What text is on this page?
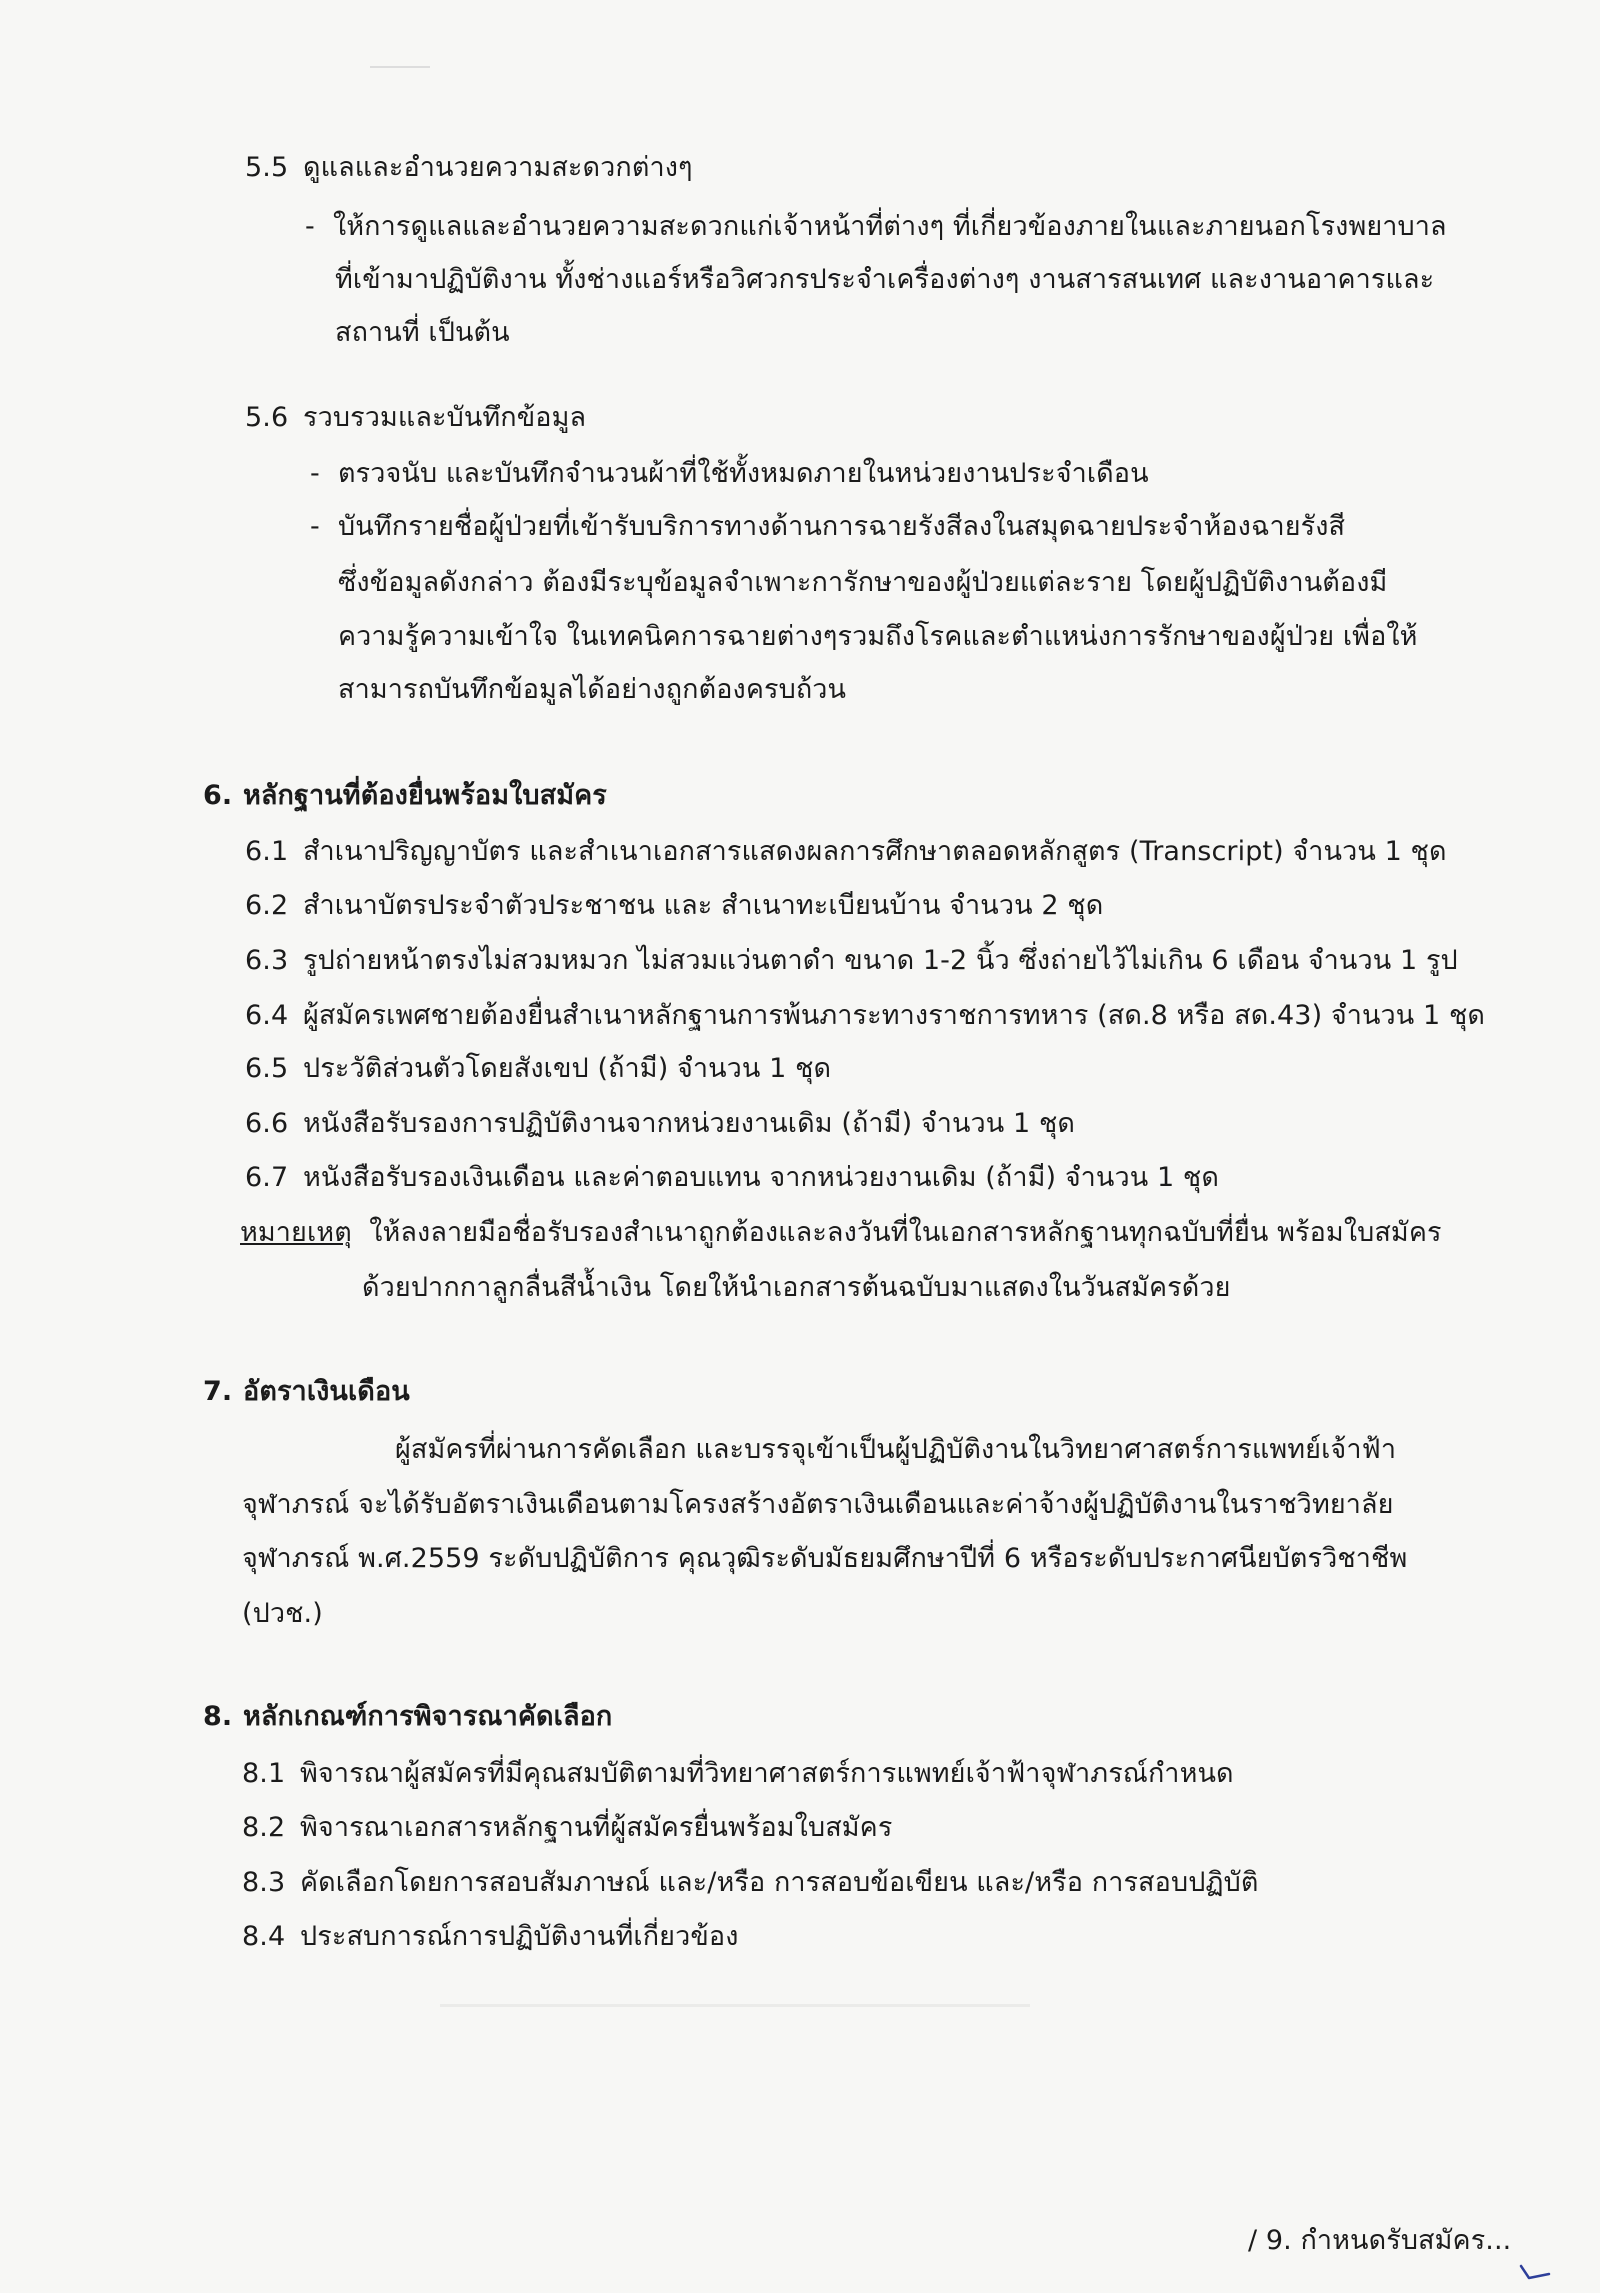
5.5 ดูแลและอำนวยความสะดวกต่างๆ
- ให้การดูแลและอำนวยความสะดวกแก่เจ้าหน้าที่ต่างๆ ที่เกี่ยวข้องภายในและภายนอกโรงพยาบาล
ที่เข้ามาปฏิบัติงาน ทั้งช่างแอร์หรือวิศวกรประจำเครื่องต่างๆ งานสารสนเทศ และงานอาคารและ
สถานที่ เป็นต้น
5.6 รวบรวมและบันทึกข้อมูล
- ตรวจนับ และบันทึกจำนวนผ้าที่ใช้ทั้งหมดภายในหน่วยงานประจำเดือน
- บันทึกรายชื่อผู้ป่วยที่เข้ารับบริการทางด้านการฉายรังสีลงในสมุดฉายประจำห้องฉายรังสี
ซึ่งข้อมูลดังกล่าว ต้องมีระบุข้อมูลจำเพาะการักษาของผู้ป่วยแต่ละราย โดยผู้ปฏิบัติงานต้องมี
ความรู้ความเข้าใจ ในเทคนิคการฉายต่างๆรวมถึงโรคและตำแหน่งการรักษาของผู้ป่วย เพื่อให้
สามารถบันทึกข้อมูลได้อย่างถูกต้องครบถ้วน
6. หลักฐานที่ต้องยื่นพร้อมใบสมัคร
6.1 สำเนาปริญญาบัตร และสำเนาเอกสารแสดงผลการศึกษาตลอดหลักสูตร (Transcript) จำนวน 1 ชุด
6.2 สำเนาบัตรประจำตัวประชาชน และ สำเนาทะเบียนบ้าน จำนวน 2 ชุด
6.3 รูปถ่ายหน้าตรงไม่สวมหมวก ไม่สวมแว่นตาดำ ขนาด 1-2 นิ้ว ซึ่งถ่ายไว้ไม่เกิน 6 เดือน จำนวน 1 รูป
6.4 ผู้สมัครเพศชายต้องยื่นสำเนาหลักฐานการพ้นภาระทางราชการทหาร (สด.8 หรือ สด.43) จำนวน 1 ชุด
6.5 ประวัติส่วนตัวโดยสังเขป (ถ้ามี) จำนวน 1 ชุด
6.6 หนังสือรับรองการปฏิบัติงานจากหน่วยงานเดิม (ถ้ามี) จำนวน 1 ชุด
6.7 หนังสือรับรองเงินเดือน และค่าตอบแทน จากหน่วยงานเดิม (ถ้ามี) จำนวน 1 ชุด
หมายเหตุ ให้ลงลายมือชื่อรับรองสำเนาถูกต้องและลงวันที่ในเอกสารหลักฐานทุกฉบับที่ยื่น พร้อมใบสมัคร
ด้วยปากกาลูกลื่นสีน้ำเงิน โดยให้นำเอกสารต้นฉบับมาแสดงในวันสมัครด้วย
7. อัตราเงินเดือน
ผู้สมัครที่ผ่านการคัดเลือก และบรรจุเข้าเป็นผู้ปฏิบัติงานในวิทยาศาสตร์การแพทย์เจ้าฟ้า
จุฬาภรณ์ จะได้รับอัตราเงินเดือนตามโครงสร้างอัตราเงินเดือนและค่าจ้างผู้ปฏิบัติงานในราชวิทยาลัย
จุฬาภรณ์ พ.ศ.2559 ระดับปฏิบัติการ คุณวุฒิระดับมัธยมศึกษาปีที่ 6 หรือระดับประกาศนียบัตรวิชาชีพ
(ปวช.)
8. หลักเกณฑ์การพิจารณาคัดเลือก
8.1 พิจารณาผู้สมัครที่มีคุณสมบัติตามที่วิทยาศาสตร์การแพทย์เจ้าฟ้าจุฬาภรณ์กำหนด
8.2 พิจารณาเอกสารหลักฐานที่ผู้สมัครยื่นพร้อมใบสมัคร
8.3 คัดเลือกโดยการสอบสัมภาษณ์ และ/หรือ การสอบข้อเขียน และ/หรือ การสอบปฏิบัติ
8.4 ประสบการณ์การปฏิบัติงานที่เกี่ยวข้อง
/ 9. กำหนดรับสมัคร...
